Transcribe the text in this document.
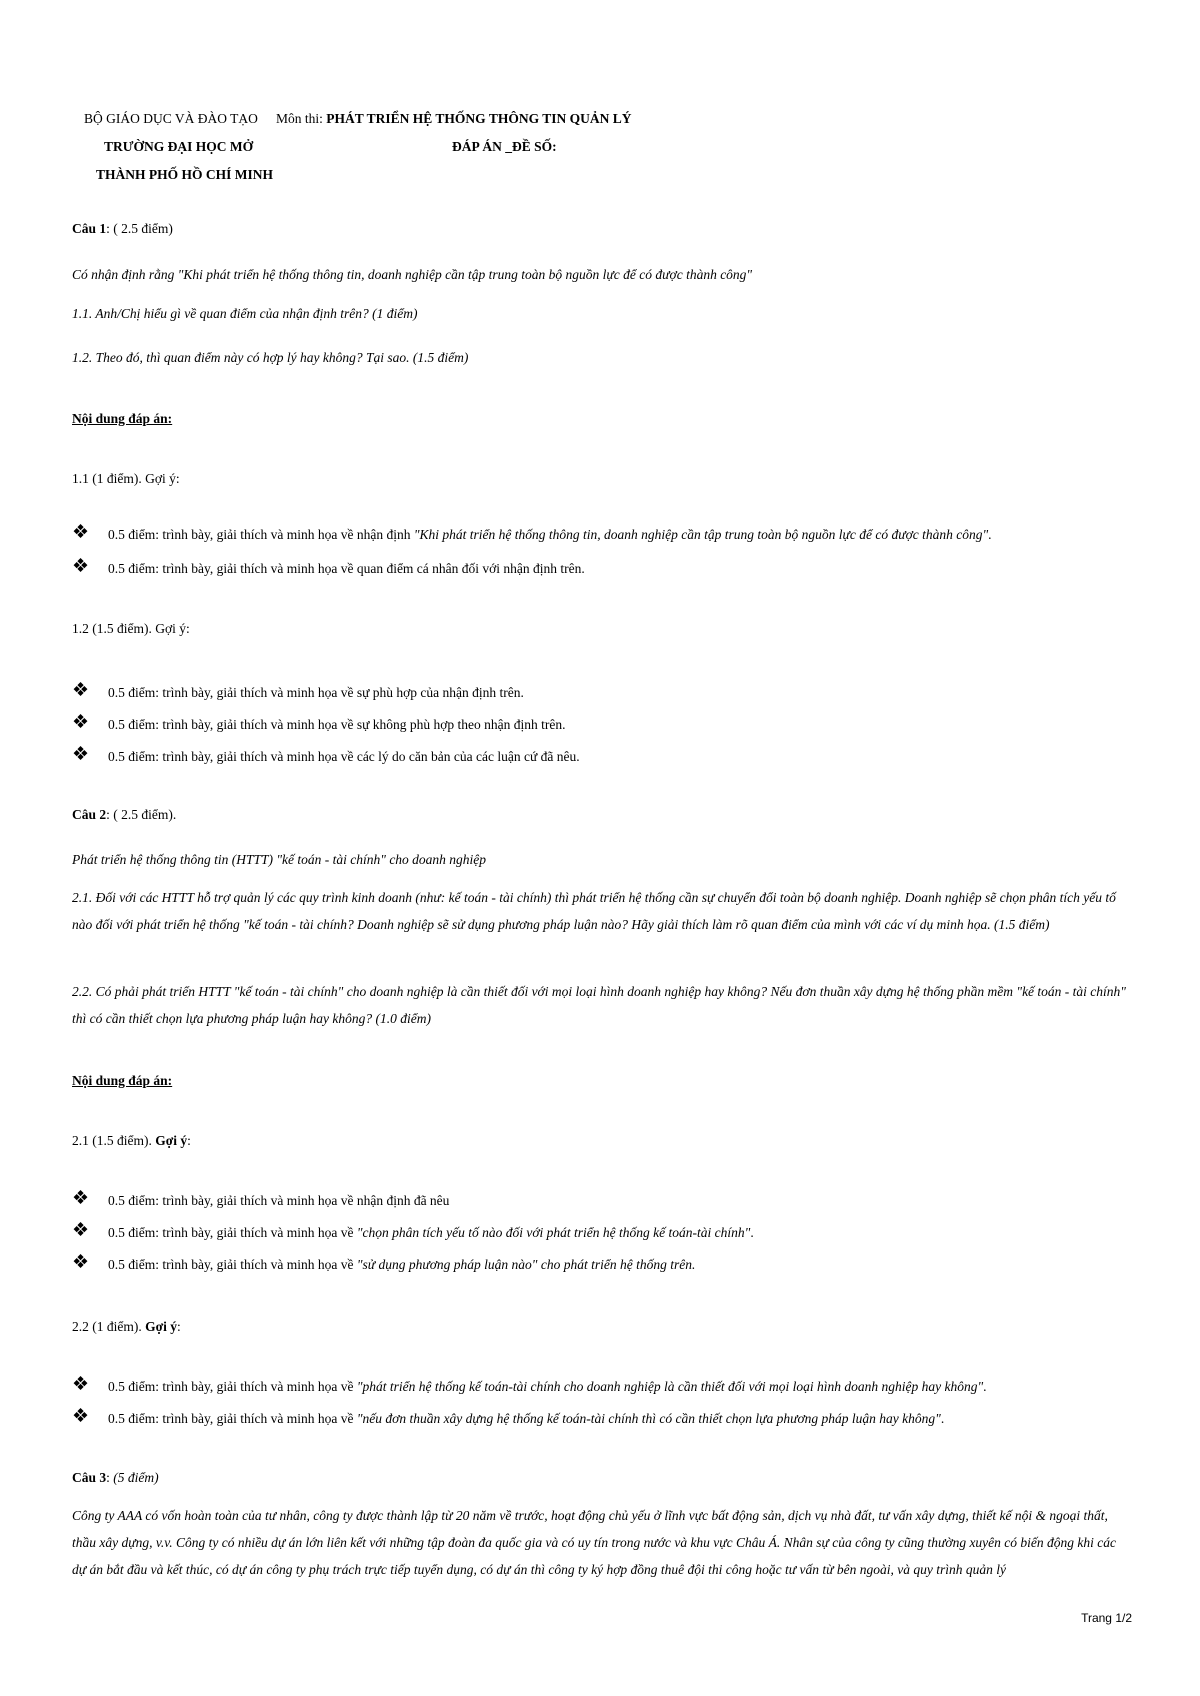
BỘ GIÁO DỤC VÀ ĐÀO TẠO Môn thi: PHÁT TRIỂN HỆ THỐNG THÔNG TIN QUẢN LÝ
TRƯỜNG ĐẠI HỌC MỞ	ĐÁP ÁN _ĐỀ SỐ:
THÀNH PHỐ HỒ CHÍ MINH
Câu 1: ( 2.5 điểm)
Có nhận định rằng "Khi phát triển hệ thống thông tin, doanh nghiệp cần tập trung toàn bộ nguồn lực để có được thành công"
1.1. Anh/Chị hiểu gì về quan điểm của nhận định trên? (1 điểm)
1.2. Theo đó, thì quan điểm này có hợp lý hay không? Tại sao. (1.5 điểm)
Nội dung đáp án:
1.1 (1 điểm). Gợi ý:
❖	0.5 điểm: trình bày, giải thích và minh họa về nhận định "Khi phát triển hệ thống thông tin, doanh nghiệp cần tập trung toàn bộ nguồn lực để có được thành công".
❖	0.5 điểm: trình bày, giải thích và minh họa về quan điểm cá nhân đối với nhận định trên.
1.2 (1.5 điểm). Gợi ý:
❖	0.5 điểm: trình bày, giải thích và minh họa về sự phù hợp của nhận định trên.
❖	0.5 điểm: trình bày, giải thích và minh họa về sự không phù hợp theo nhận định trên.
❖	0.5 điểm: trình bày, giải thích và minh họa về các lý do căn bản của các luận cứ đã nêu.
Câu 2: ( 2.5 điểm).
Phát triển hệ thống thông tin (HTTT) "kế toán - tài chính" cho doanh nghiệp
2.1. Đối với các HTTT hỗ trợ quản lý các quy trình kinh doanh (như: kế toán - tài chính) thì phát triển hệ thống cần sự chuyển đổi toàn bộ doanh nghiệp. Doanh nghiệp sẽ chọn phân tích yếu tố nào đối với phát triển hệ thống "kế toán - tài chính? Doanh nghiệp sẽ sử dụng phương pháp luận nào? Hãy giải thích làm rõ quan điểm của mình với các ví dụ minh họa. (1.5 điểm)
2.2. Có phải phát triển HTTT "kế toán - tài chính" cho doanh nghiệp là cần thiết đối với mọi loại hình doanh nghiệp hay không? Nếu đơn thuần xây dựng hệ thống phần mềm "kế toán - tài chính" thì có cần thiết chọn lựa phương pháp luận hay không? (1.0 điểm)
Nội dung đáp án:
2.1 (1.5 điểm). Gợi ý:
❖	0.5 điểm: trình bày, giải thích và minh họa về nhận định đã nêu
❖	0.5 điểm: trình bày, giải thích và minh họa về "chọn phân tích yếu tố nào đối với phát triển hệ thống kế toán-tài chính".
❖	0.5 điểm: trình bày, giải thích và minh họa về "sử dụng phương pháp luận nào" cho phát triển hệ thống trên.
2.2 (1 điểm). Gợi ý:
❖	0.5 điểm: trình bày, giải thích và minh họa về "phát triển hệ thống kế toán-tài chính cho doanh nghiệp là cần thiết đối với mọi loại hình doanh nghiệp hay không".
❖	0.5 điểm: trình bày, giải thích và minh họa về "nếu đơn thuần xây dựng hệ thống kế toán-tài chính thì có cần thiết chọn lựa phương pháp luận hay không".
Câu 3: (5 điểm)
Công ty AAA có vốn hoàn toàn của tư nhân, công ty được thành lập từ 20 năm về trước, hoạt động chủ yếu ở lĩnh vực bất động sản, dịch vụ nhà đất, tư vấn xây dựng, thiết kế nội & ngoại thất, thầu xây dựng, v.v. Công ty có nhiều dự án lớn liên kết với những tập đoàn đa quốc gia và có uy tín trong nước và khu vực Châu Á. Nhân sự của công ty cũng thường xuyên có biến động khi các dự án bắt đầu và kết thúc, có dự án công ty phụ trách trực tiếp tuyển dụng, có dự án thì công ty ký hợp đồng thuê đội thi công hoặc tư vấn từ bên ngoài, và quy trình quản lý
Trang 1/2
